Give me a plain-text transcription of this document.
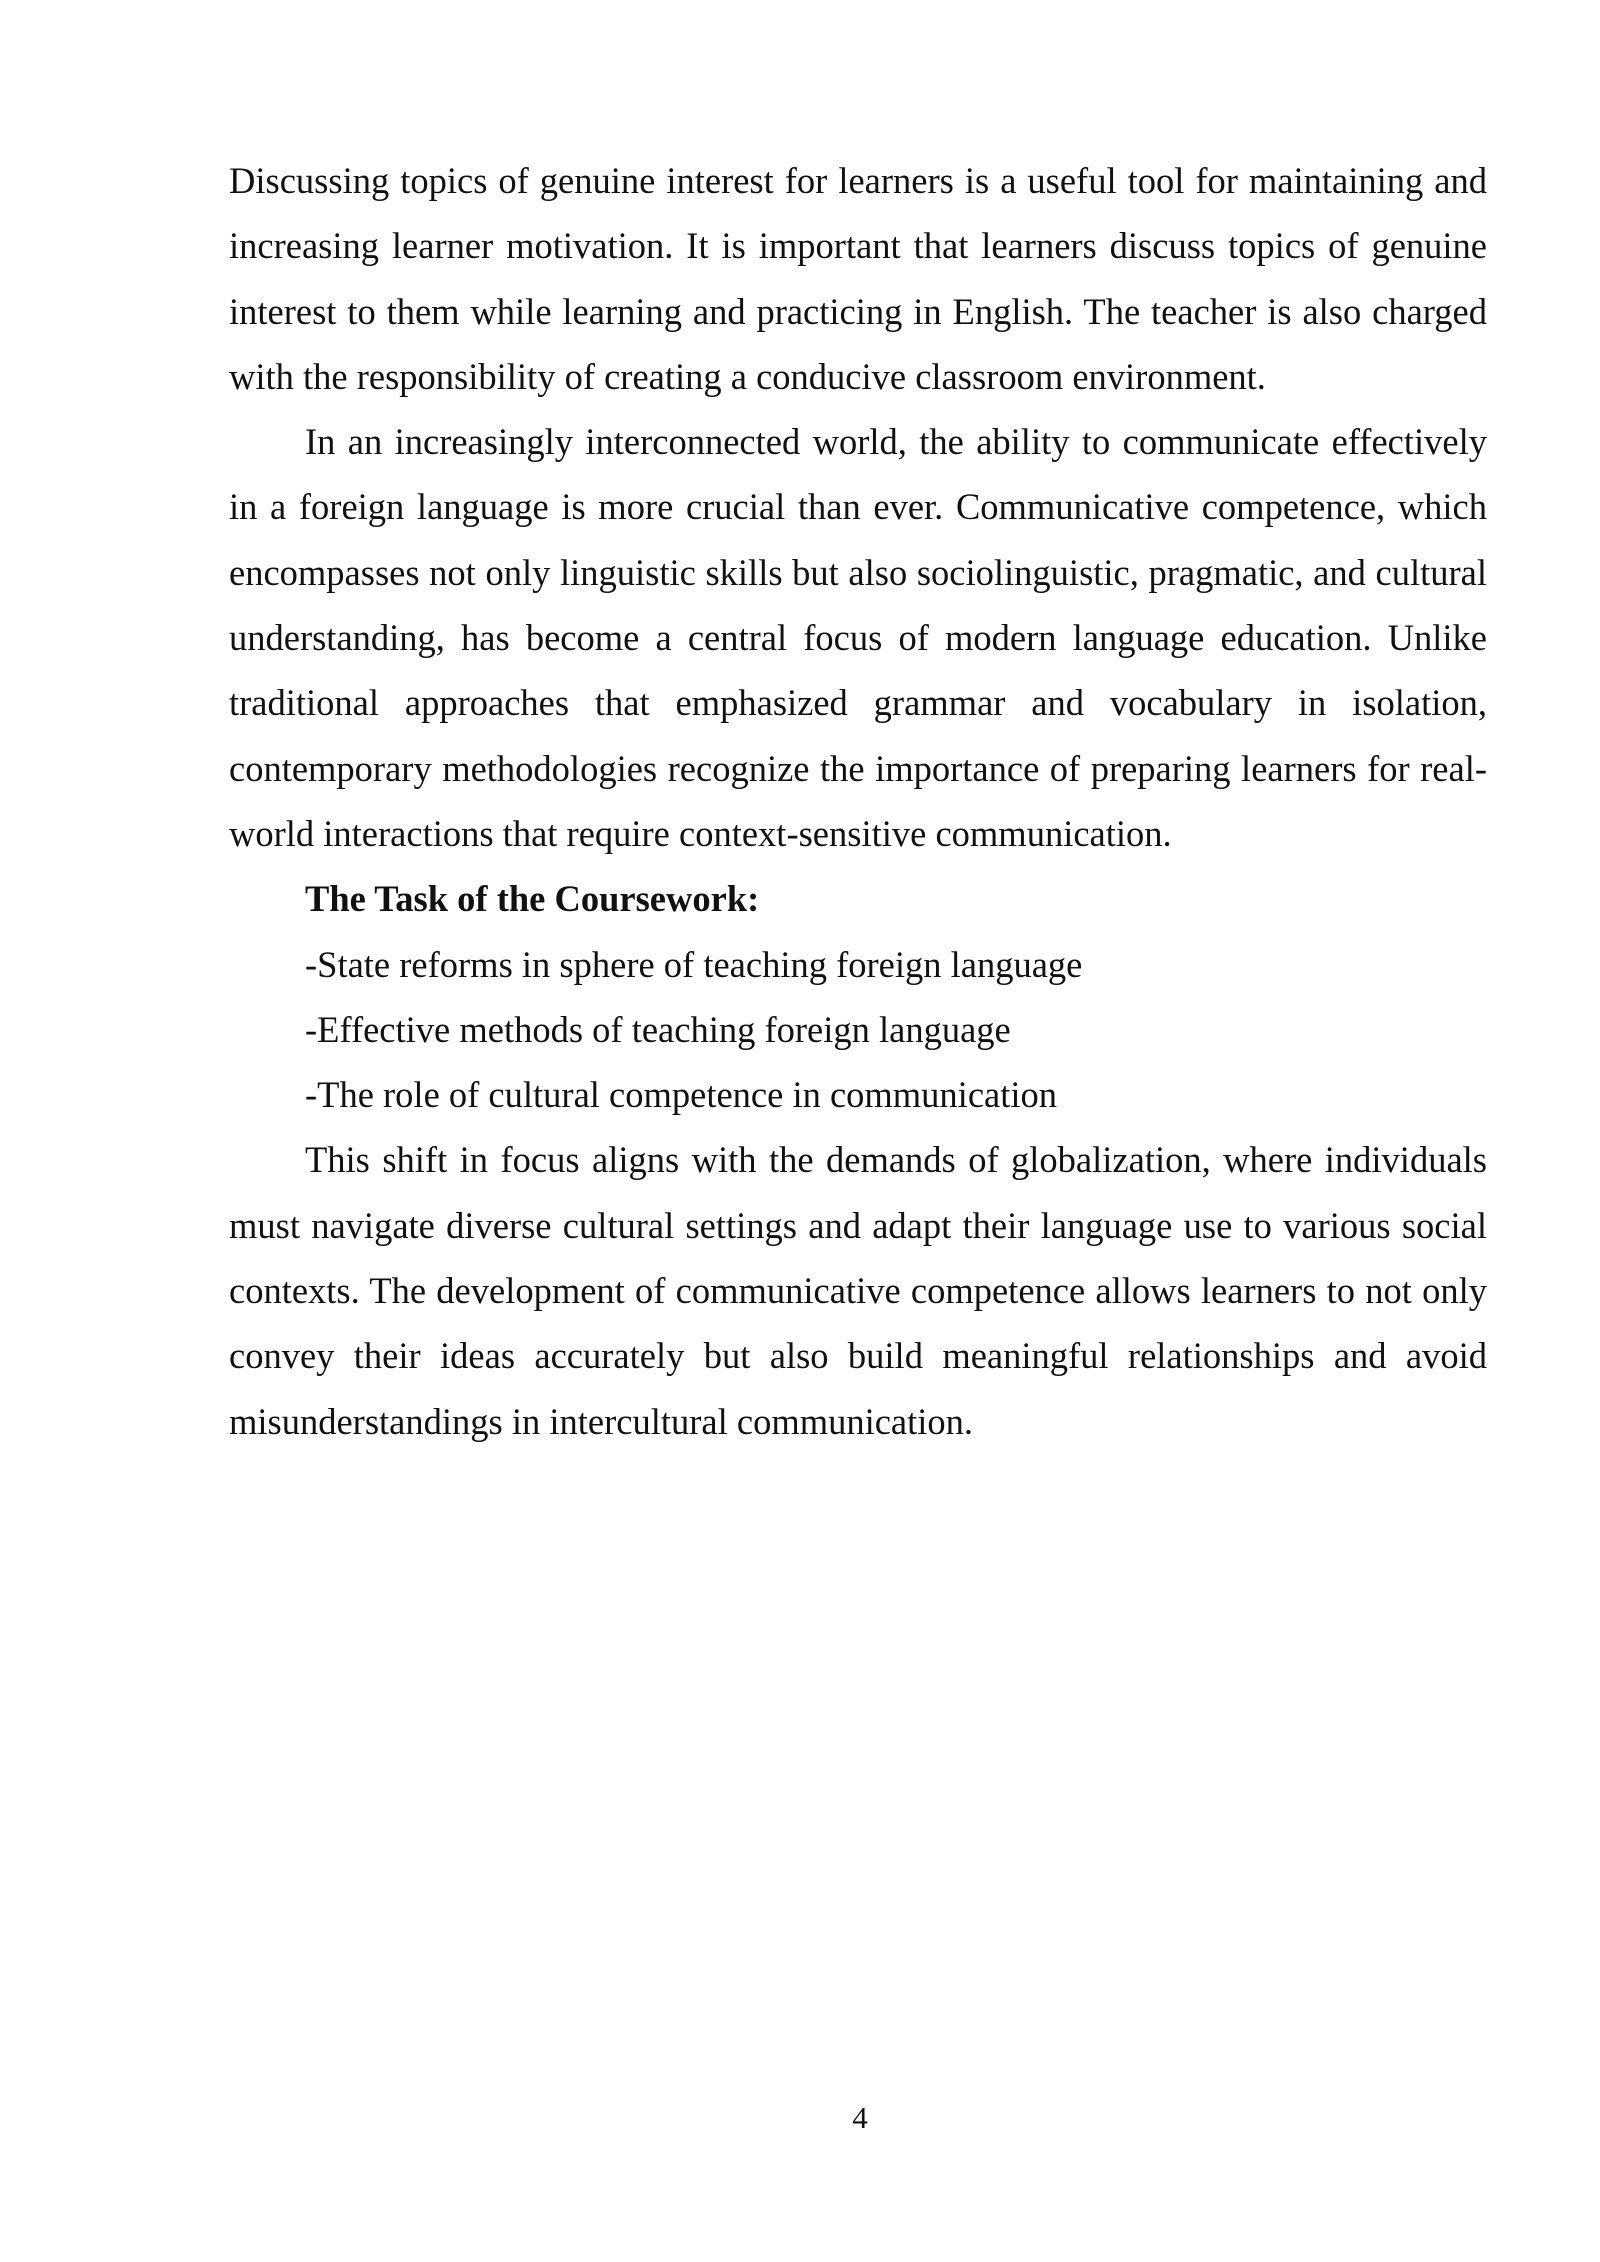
Discussing topics of genuine interest for learners is a useful tool for maintaining and increasing learner motivation. It is important that learners discuss topics of genuine interest to them while learning and practicing in English. The teacher is also charged with the responsibility of creating a conducive classroom environment.

In an increasingly interconnected world, the ability to communicate effectively in a foreign language is more crucial than ever. Communicative competence, which encompasses not only linguistic skills but also sociolinguistic, pragmatic, and cultural understanding, has become a central focus of modern language education. Unlike traditional approaches that emphasized grammar and vocabulary in isolation, contemporary methodologies recognize the importance of preparing learners for real-world interactions that require context-sensitive communication.

The Task of the Coursework:

-State reforms in sphere of teaching foreign language

-Effective methods of teaching foreign language

-The role of cultural competence in communication

This shift in focus aligns with the demands of globalization, where individuals must navigate diverse cultural settings and adapt their language use to various social contexts. The development of communicative competence allows learners to not only convey their ideas accurately but also build meaningful relationships and avoid misunderstandings in intercultural communication.

4
